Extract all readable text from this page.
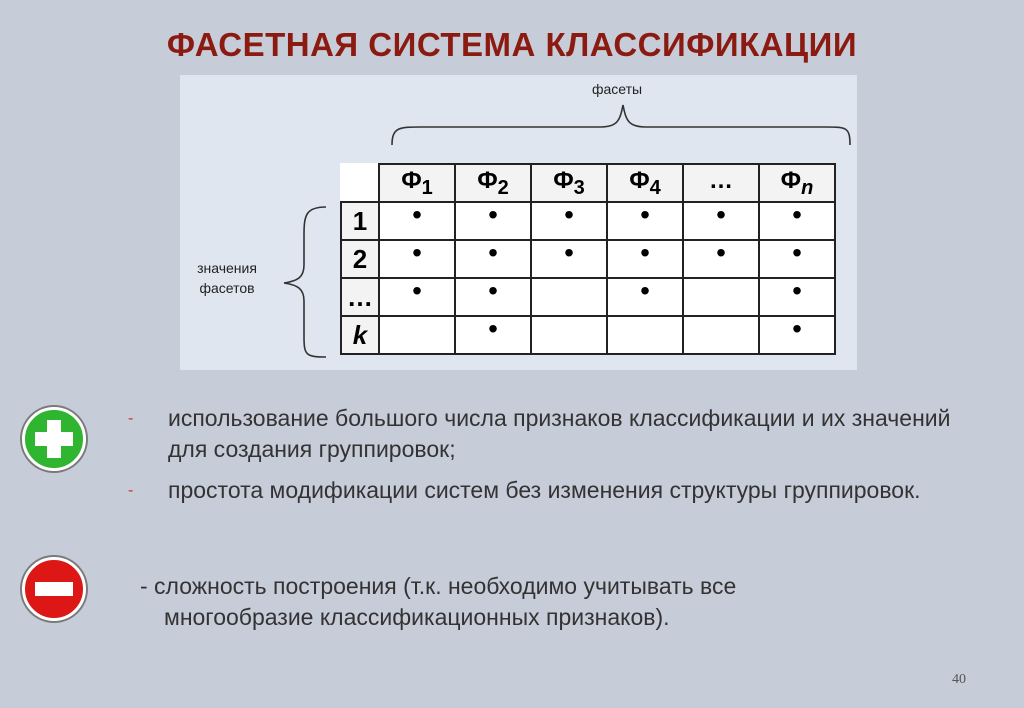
ФАСЕТНАЯ СИСТЕМА КЛАССИФИКАЦИИ
фасеты
значения
фасетов
	$Ф_1$	$Ф_2$	$Ф_3$	$Ф_4$	…	$Ф_n$
1	•	•	•	•	•	•
2	•	•	•	•	•	•
…	•	•		•		•
k		•				•
- использование большого числа признаков классификации и их значений для создания группировок;
- простота модификации систем без изменения структуры группировок.
- сложность построения (т.к. необходимо учитывать все
многообразие классификационных признаков).
40
